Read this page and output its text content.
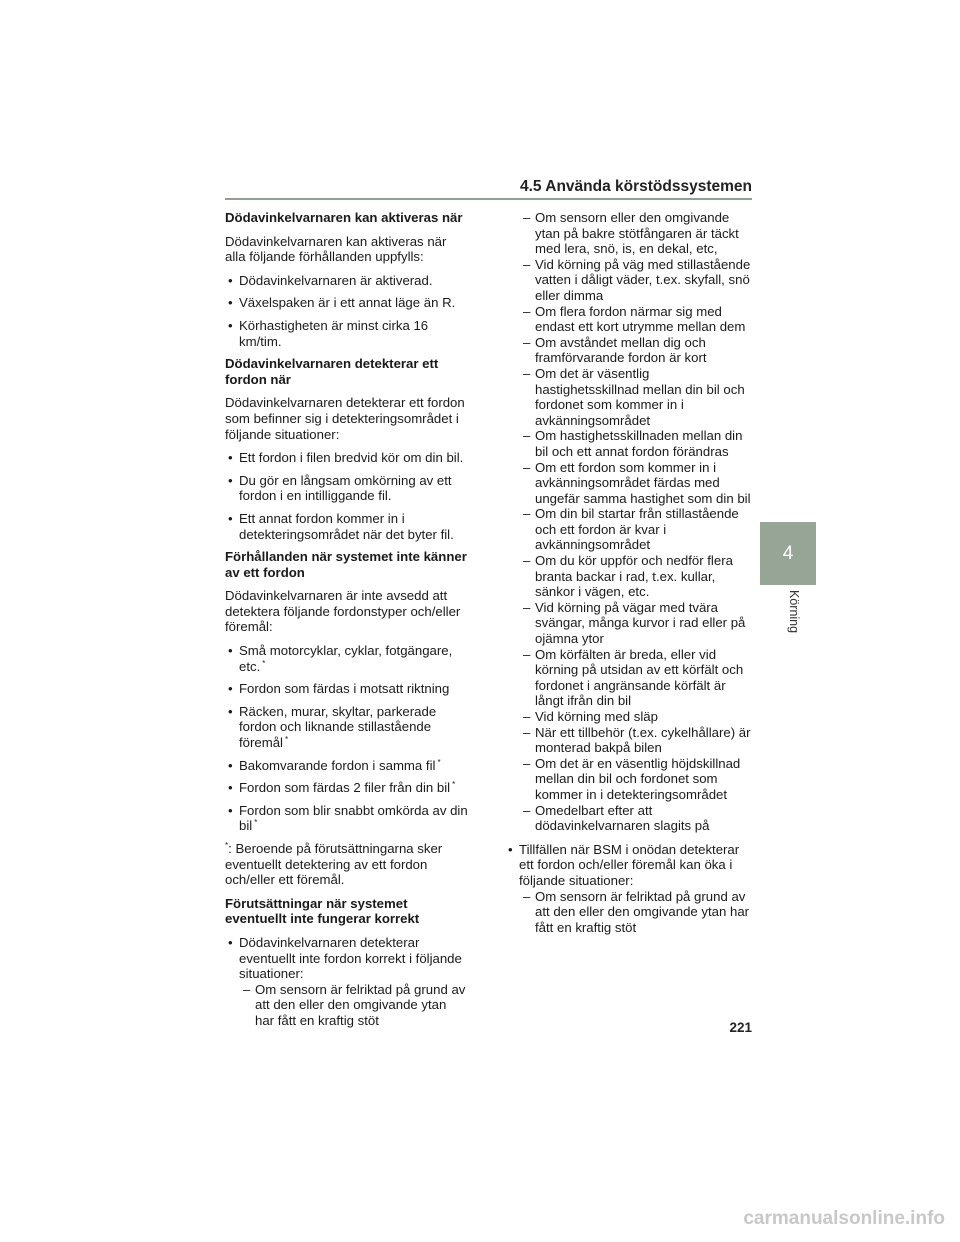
4.5 Använda körstödssystemen
Dödavinkelvarnaren kan aktiveras när
Dödavinkelvarnaren kan aktiveras när alla följande förhållanden uppfylls:
• Dödavinkelvarnaren är aktiverad.
• Växelspaken är i ett annat läge än R.
• Körhastigheten är minst cirka 16 km/tim.
Dödavinkelvarnaren detekterar ett fordon när
Dödavinkelvarnaren detekterar ett fordon som befinner sig i detekteringsområdet i följande situationer:
• Ett fordon i filen bredvid kör om din bil.
• Du gör en långsam omkörning av ett fordon i en intilliggande fil.
• Ett annat fordon kommer in i detekteringsområdet när det byter fil.
Förhållanden när systemet inte känner av ett fordon
Dödavinkelvarnaren är inte avsedd att detektera följande fordonstyper och/eller föremål:
• Små motorcyklar, cyklar, fotgängare, etc. *
• Fordon som färdas i motsatt riktning
• Räcken, murar, skyltar, parkerade fordon och liknande stillastående föremål *
• Bakomvarande fordon i samma fil *
• Fordon som färdas 2 filer från din bil *
• Fordon som blir snabbt omkörda av din bil *
*: Beroende på förutsättningarna sker eventuellt detektering av ett fordon och/eller ett föremål.
Förutsättningar när systemet eventuellt inte fungerar korrekt
• Dödavinkelvarnaren detekterar eventuellt inte fordon korrekt i följande situationer:
– Om sensorn är felriktad på grund av att den eller den omgivande ytan har fått en kraftig stöt
– Om sensorn eller den omgivande ytan på bakre stötfångaren är täckt med lera, snö, is, en dekal, etc,
– Vid körning på väg med stillastående vatten i dåligt väder, t.ex. skyfall, snö eller dimma
– Om flera fordon närmar sig med endast ett kort utrymme mellan dem
– Om avståndet mellan dig och framförvarande fordon är kort
– Om det är väsentlig hastighetsskillnad mellan din bil och fordonet som kommer in i avkänningsområdet
– Om hastighetsskillnaden mellan din bil och ett annat fordon förändras
– Om ett fordon som kommer in i avkänningsområdet färdas med ungefär samma hastighet som din bil
– Om din bil startar från stillastående och ett fordon är kvar i avkänningsområdet
– Om du kör uppför och nedför flera branta backar i rad, t.ex. kullar, sänkor i vägen, etc.
– Vid körning på vägar med tvära svängar, många kurvor i rad eller på ojämna ytor
– Om körfälten är breda, eller vid körning på utsidan av ett körfält och fordonet i angränsande körfält är långt ifrån din bil
– Vid körning med släp
– När ett tillbehör (t.ex. cykelhållare) är monterad bakpå bilen
– Om det är en väsentlig höjdskillnad mellan din bil och fordonet som kommer in i detekteringsområdet
– Omedelbart efter att dödavinkelvarnaren slagits på
• Tillfällen när BSM i onödan detekterar ett fordon och/eller föremål kan öka i följande situationer:
– Om sensorn är felriktad på grund av att den eller den omgivande ytan har fått en kraftig stöt
4
Körning
221
carmanualsonline.info
